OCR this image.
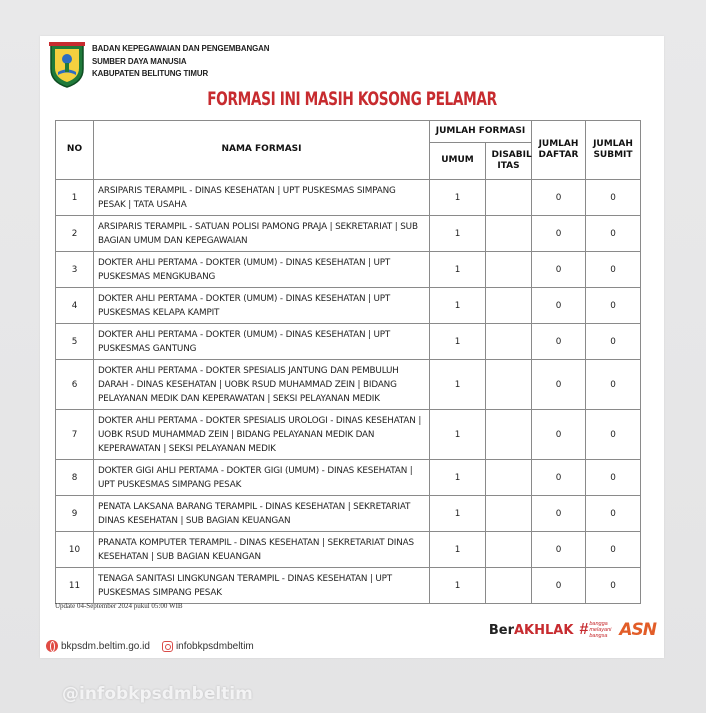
BADAN KEPEGAWAIAN DAN PENGEMBANGAN
SUMBER DAYA MANUSIA
KABUPATEN BELITUNG TIMUR
FORMASI INI MASIH KOSONG PELAMAR
NO	NAMA FORMASI	JUMLAH FORMASI		JUMLAH DAFTAR	JUMLAH SUBMIT
		UMUM	DISABIL ITAS		
1	ARSIPARIS TERAMPIL - DINAS KESEHATAN | UPT PUSKESMAS SIMPANG PESAK | TATA USAHA	1		0	0
2	ARSIPARIS TERAMPIL - SATUAN POLISI PAMONG PRAJA | SEKRETARIAT | SUB BAGIAN UMUM DAN KEPEGAWAIAN	1		0	0
3	DOKTER AHLI PERTAMA - DOKTER (UMUM) - DINAS KESEHATAN | UPT PUSKESMAS MENGKUBANG	1		0	0
4	DOKTER AHLI PERTAMA - DOKTER (UMUM) - DINAS KESEHATAN | UPT PUSKESMAS KELAPA KAMPIT	1		0	0
5	DOKTER AHLI PERTAMA - DOKTER (UMUM) - DINAS KESEHATAN | UPT PUSKESMAS GANTUNG	1		0	0
6	DOKTER AHLI PERTAMA - DOKTER SPESIALIS JANTUNG DAN PEMBULUH DARAH - DINAS KESEHATAN | UOBK RSUD MUHAMMAD ZEIN | BIDANG PELAYANAN MEDIK DAN KEPERAWATAN | SEKSI PELAYANAN MEDIK	1		0	0
7	DOKTER AHLI PERTAMA - DOKTER SPESIALIS UROLOGI - DINAS KESEHATAN | UOBK RSUD MUHAMMAD ZEIN | BIDANG PELAYANAN MEDIK DAN KEPERAWATAN | SEKSI PELAYANAN MEDIK	1		0	0
8	DOKTER GIGI AHLI PERTAMA - DOKTER GIGI (UMUM) - DINAS KESEHATAN | UPT PUSKESMAS SIMPANG PESAK	1		0	0
9	PENATA LAKSANA BARANG TERAMPIL - DINAS KESEHATAN | SEKRETARIAT DINAS KESEHATAN | SUB BAGIAN KEUANGAN	1		0	0
10	PRANATA KOMPUTER TERAMPIL - DINAS KESEHATAN | SEKRETARIAT DINAS KESEHATAN | SUB BAGIAN KEUANGAN	1		0	0
11	TENAGA SANITASI LINGKUNGAN TERAMPIL - DINAS KESEHATAN | UPT PUSKESMAS SIMPANG PESAK	1		0	0
Update 04-September 2024 pukul 05:00 WIB
bkpsdm.beltim.go.id	infobkpsdmbeltim
BerAKHLAK # bangga
melayani
bangsa ASN
@infobkpsdmbeltim
